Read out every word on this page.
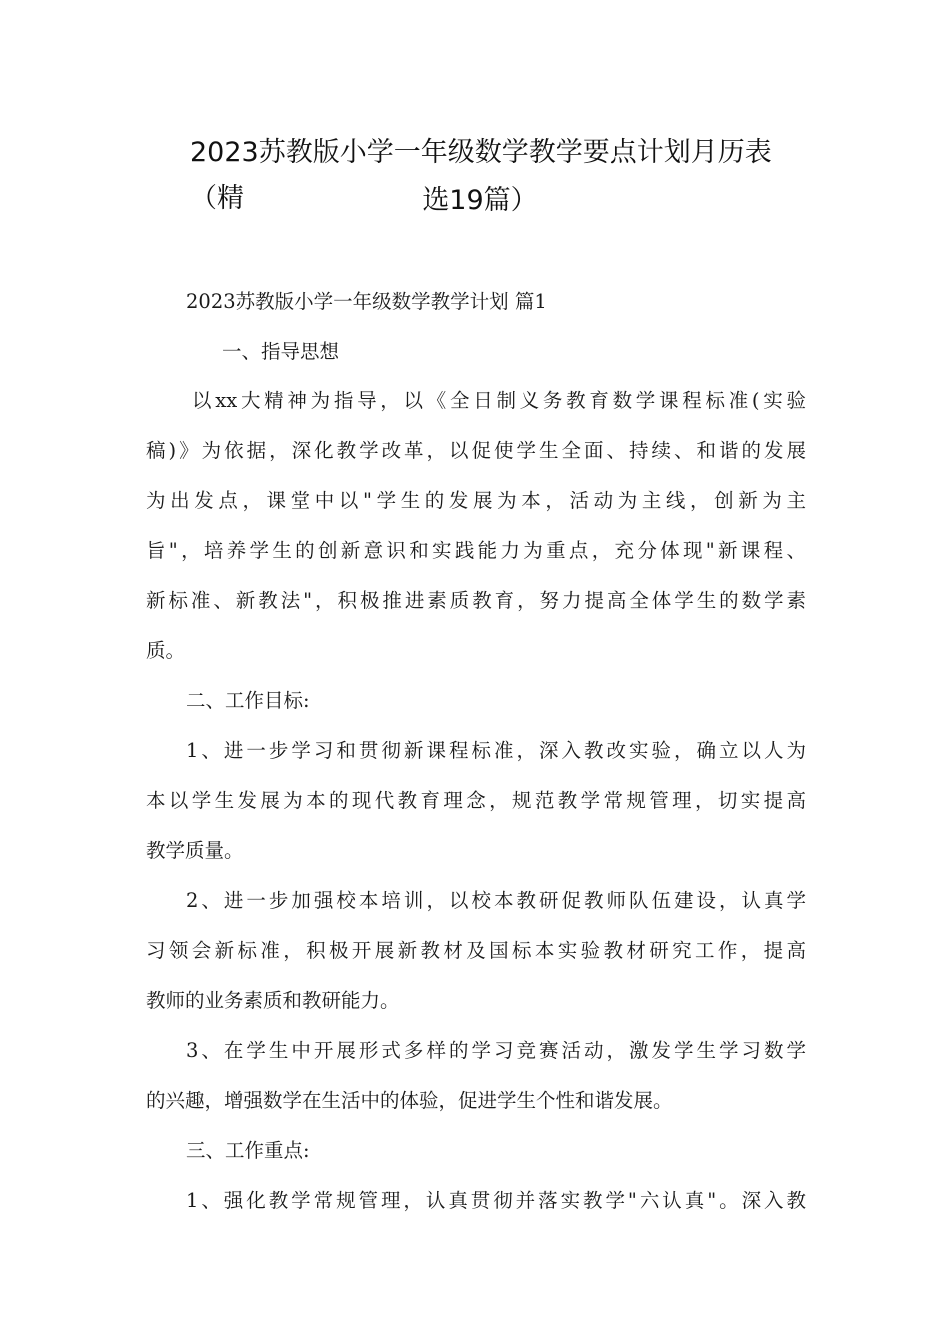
2023苏教版小学一年级数学教学要点计划月历表（精	选19篇）
2023苏教版小学一年级数学教学计划 篇1
一、指导思想
以xx大精神为指导，以《全日制义务教育数学课程标准(实验
稿)》为依据，深化教学改革，以促使学生全面、持续、和谐的发展
为出发点，课堂中以"学生的发展为本，活动为主线，创新为主
旨"，培养学生的创新意识和实践能力为重点，充分体现"新课程、
新标准、新教法"，积极推进素质教育，努力提高全体学生的数学素
质。
二、工作目标:
1、进一步学习和贯彻新课程标准，深入教改实验，确立以人为
本以学生发展为本的现代教育理念，规范教学常规管理，切实提高
教学质量。
2、进一步加强校本培训，以校本教研促教师队伍建设，认真学
习领会新标准，积极开展新教材及国标本实验教材研究工作，提高
教师的业务素质和教研能力。
3、在学生中开展形式多样的学习竞赛活动，激发学生学习数学
的兴趣，增强数学在生活中的体验，促进学生个性和谐发展。
三、工作重点:
1、强化教学常规管理，认真贯彻并落实教学"六认真"。深入教
